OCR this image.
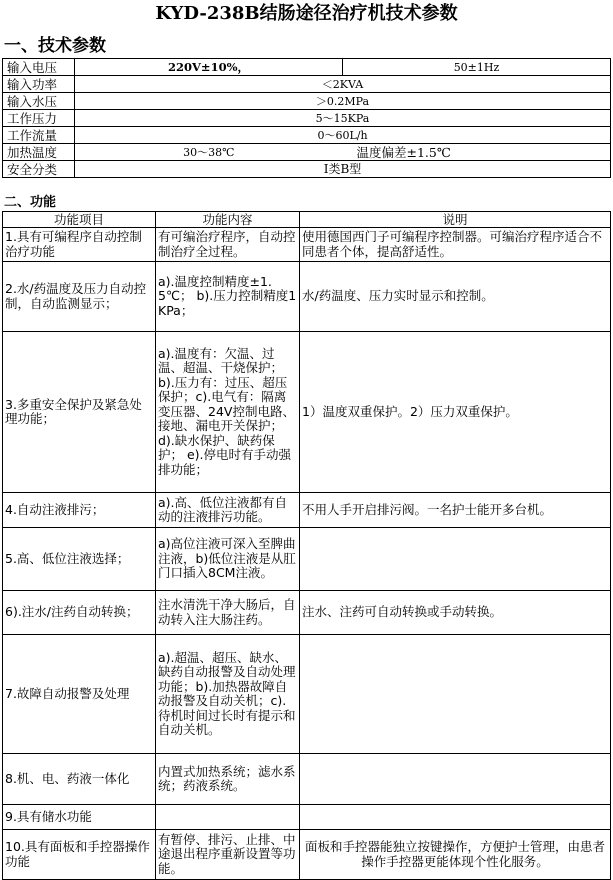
KYD-238B结肠途径治疗机技术参数
一、技术参数
输入电压	220V±10%，	50±1Hz
输入功率	＜2KVA	
输入水压	＞0.2MPa	
工作压力	5～15KPa	
工作流量	0～60L/h	
加热温度	30～38℃	温度偏差±1.5℃
安全分类	I类B型	
二、功能
功能项目	功能内容	说明
1.具有可编程序自动控制治疗功能	有可编治疗程序，自动控制治疗全过程。	使用德国西门子可编程序控制器。可编治疗程序适合不同患者个体，提高舒适性。
2.水/药温度及压力自动控制，自动监测显示；	a).温度控制精度±1.5℃； b).压力控制精度1KPa；	水/药温度、压力实时显示和控制。
3.多重安全保护及紧急处理功能；	a).温度有：欠温、过温、超温、干烧保护；b).压力有：过压、超压保护；c).电气有：隔离变压器、24V控制电路、接地、漏电开关保护；d).缺水保护、缺药保护； e).停电时有手动强排功能；	1）温度双重保护。2）压力双重保护。
4.自动注液排污；	a).高、低位注液都有自动的注液排污功能。	不用人手开启排污阀。一名护士能开多台机。
5.高、低位注液选择；	a)高位注液可深入至脾曲注液，b)低位注液是从肛门口插入8CM注液。	
6).注水/注药自动转换；	注水清洗干净大肠后，自动转入注大肠注药。	注水、注药可自动转换或手动转换。
7.故障自动报警及处理	a).超温、超压、缺水、缺药自动报警及自动处理功能；b).加热器故障自动报警及自动关机；c).待机时间过长时有提示和自动关机。	
8.机、电、药液一体化	内置式加热系统；滤水系统；药液系统。	
9.具有储水功能		
10.具有面板和手控器操作功能	有暂停、排污、止排、中途退出程序重新设置等功能。	面板和手控器能独立按键操作，方便护士管理，由患者操作手控器更能体现个性化服务。
